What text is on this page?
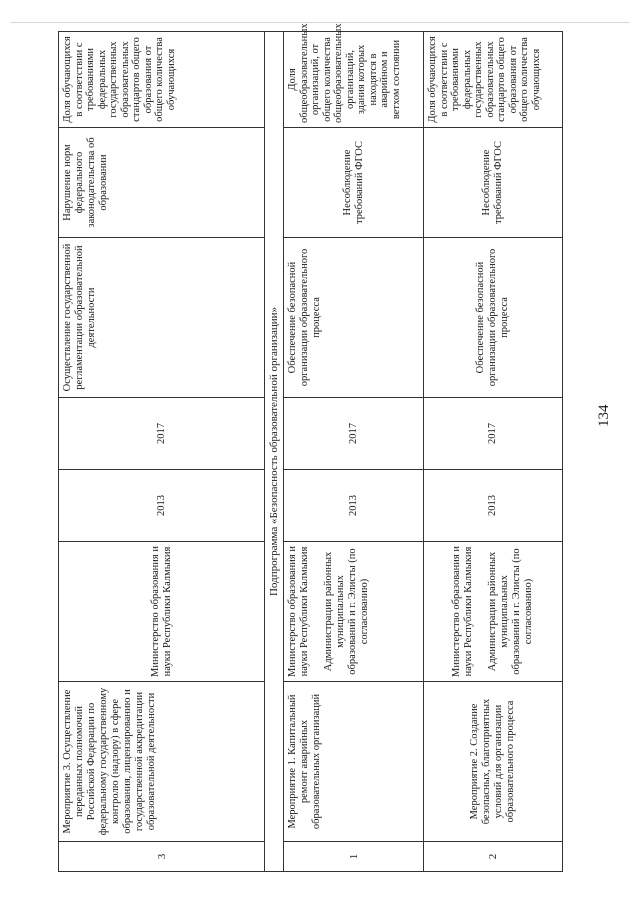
134
3	Мероприятие 3. Осуществление переданных полномочий Российской Федерации по федеральному государственному контролю (надзору) в сфере образования, лицензированию и государственной аккредитации образовательной деятельности	Министерство образования и науки Республики Калмыкия	2013	2017	Осуществление государственной регламентации образовательной деятельности	Нарушение норм федерального законодательства об образовании	Доля обучающихся в соответствии с требованиями федеральных государственных образовательных стандартов общего образования от общего количества обучающихся
Подпрограмма «Безопасность образовательной организации»							
1	Мероприятие 1. Капитальный ремонт аварийных образовательных организаций	Министерство образования и науки Республики Калмыкия Администрации районных муниципальных образований и г. Элисты (по согласованию)	2013	2017	Обеспечение безопасной организации образовательного процесса	Несоблюдение требований ФГОС	Доля общеобразовательных организаций, от общего количества общеобразовательных организаций, здания которых находятся в аварийном и ветхом состоянии
2	Мероприятие 2. Создание безопасных, благоприятных условий для организации образовательного процесса	Министерство образования и науки Республики Калмыкия Администрации районных муниципальных образований и г. Элисты (по согласованию)	2013	2017	Обеспечение безопасной организации образовательного процесса	Несоблюдение требований ФГОС	Доля обучающихся в соответствии с требованиями федеральных государственных образовательных стандартов общего образования от общего количества обучающихся
